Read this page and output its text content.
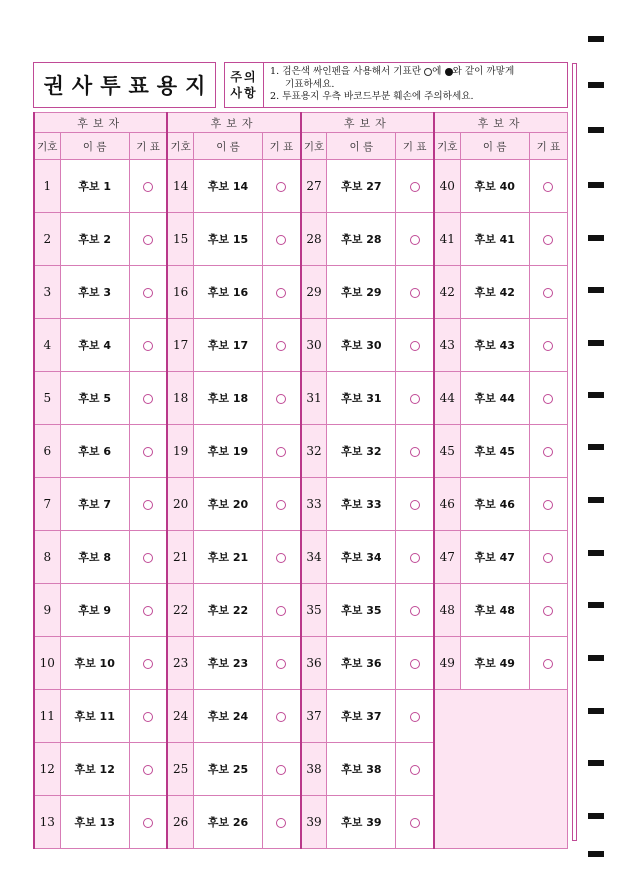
권사투표용지 주의
사항
1. 검은색 싸인펜을 사용해서 기표란 에 와 같이 까맣게
기표하세요.
2. 투표용지 우측 바코드부분 훼손에 주의하세요.
후보자			후보자			후보자			후보자		
기호	이 름	기 표	기호	이 름	기 표	기호	이 름	기 표	기호	이 름	기 표
1	후보 1		14	후보 14		27	후보 27		40	후보 40	
2	후보 2		15	후보 15		28	후보 28		41	후보 41	
3	후보 3		16	후보 16		29	후보 29		42	후보 42	
4	후보 4		17	후보 17		30	후보 30		43	후보 43	
5	후보 5		18	후보 18		31	후보 31		44	후보 44	
6	후보 6		19	후보 19		32	후보 32		45	후보 45	
7	후보 7		20	후보 20		33	후보 33		46	후보 46	
8	후보 8		21	후보 21		34	후보 34		47	후보 47	
9	후보 9		22	후보 22		35	후보 35		48	후보 48	
10	후보 10		23	후보 23		36	후보 36		49	후보 49	
11	후보 11		24	후보 24		37	후보 37				
12	후보 12		25	후보 25		38	후보 38				
13	후보 13		26	후보 26		39	후보 39				
